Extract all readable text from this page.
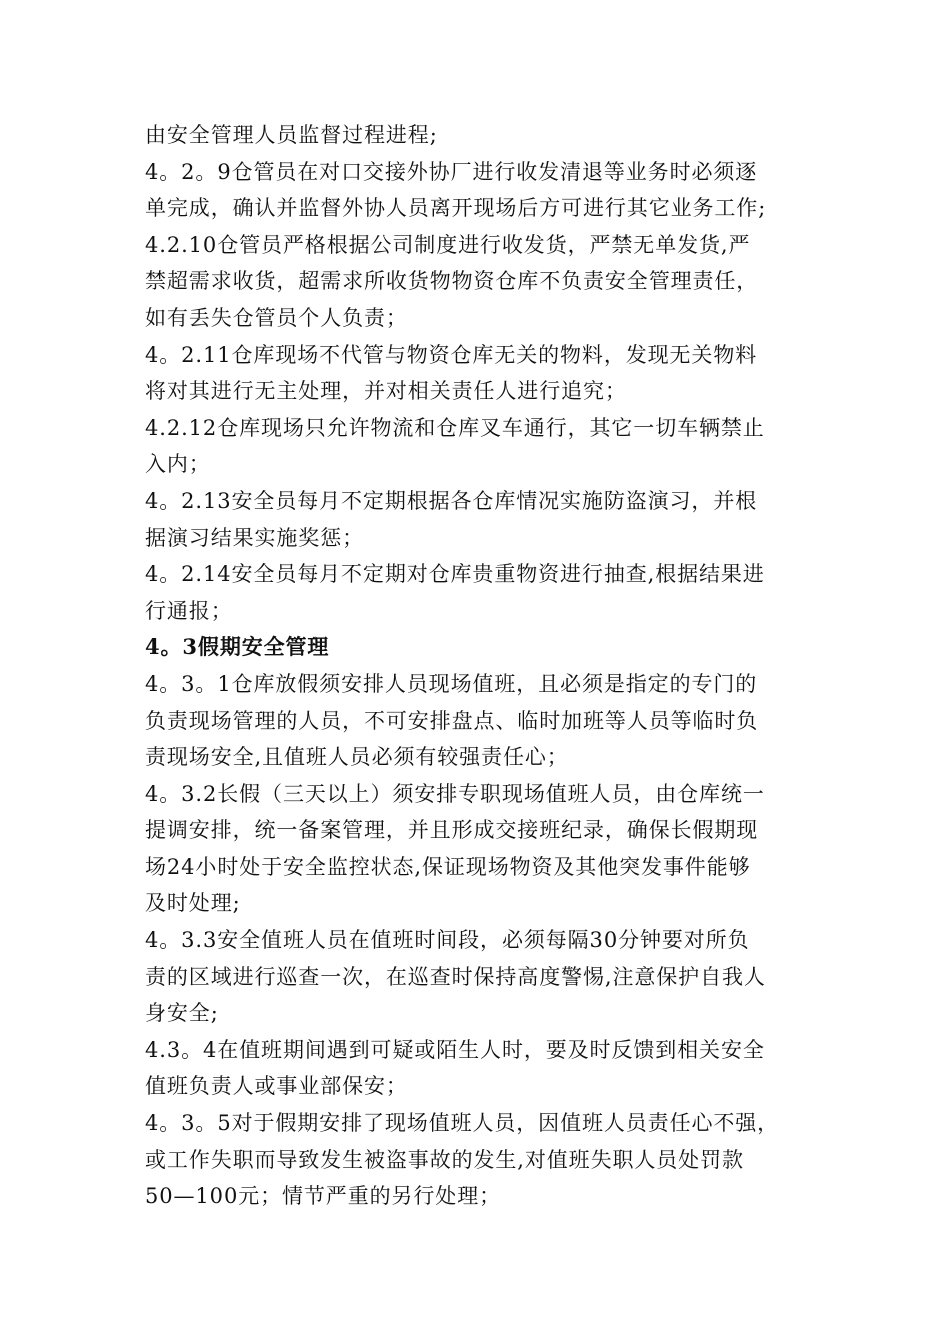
由安全管理人员监督过程进程;
4。2。9仓管员在对口交接外协厂进行收发清退等业务时必须逐
单完成，确认并监督外协人员离开现场后方可进行其它业务工作;
4.2.10仓管员严格根据公司制度进行收发货，严禁无单发货,严
禁超需求收货，超需求所收货物物资仓库不负责安全管理责任，
如有丢失仓管员个人负责；
4。2.11仓库现场不代管与物资仓库无关的物料，发现无关物料
将对其进行无主处理，并对相关责任人进行追究；
4.2.12仓库现场只允许物流和仓库叉车通行，其它一切车辆禁止
入内；
4。2.13安全员每月不定期根据各仓库情况实施防盗演习，并根
据演习结果实施奖惩；
4。2.14安全员每月不定期对仓库贵重物资进行抽查,根据结果进
行通报；
4。3假期安全管理
4。3。1仓库放假须安排人员现场值班，且必须是指定的专门的
负责现场管理的人员，不可安排盘点、临时加班等人员等临时负
责现场安全,且值班人员必须有较强责任心；
4。3.2长假（三天以上）须安排专职现场值班人员，由仓库统一
提调安排，统一备案管理，并且形成交接班纪录，确保长假期现
场24小时处于安全监控状态,保证现场物资及其他突发事件能够
及时处理;
4。3.3安全值班人员在值班时间段，必须每隔30分钟要对所负
责的区域进行巡查一次，在巡查时保持高度警惕,注意保护自我人
身安全;
4.3。4在值班期间遇到可疑或陌生人时，要及时反馈到相关安全
值班负责人或事业部保安；
4。3。5对于假期安排了现场值班人员，因值班人员责任心不强，
或工作失职而导致发生被盗事故的发生,对值班失职人员处罚款
50—100元；情节严重的另行处理；
